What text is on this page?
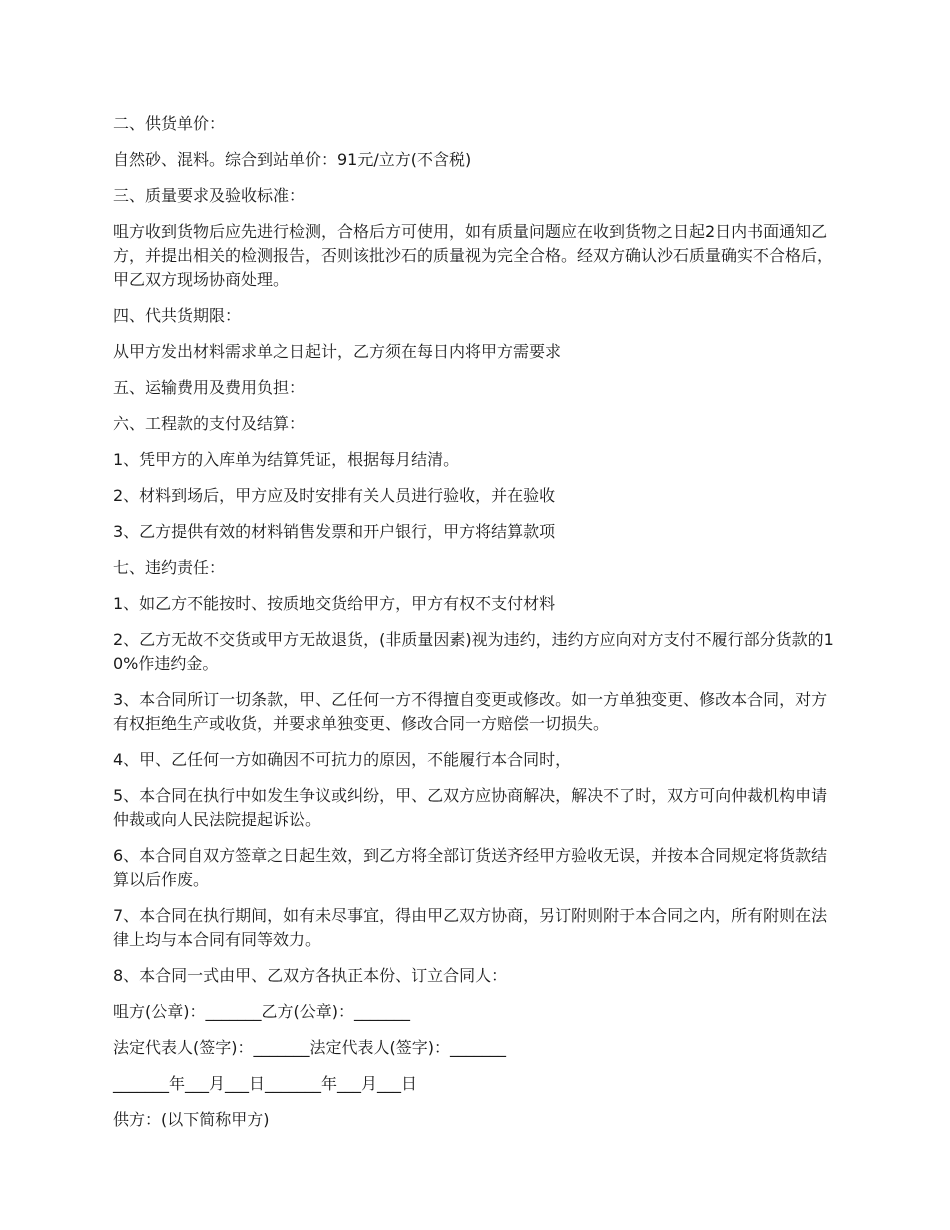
二、供货单价：

自然砂、混料。综合到站单价：91元/立方(不含税)

三、质量要求及验收标准：

咀方收到货物后应先进行检测，合格后方可使用，如有质量问题应在收到货物之日起2日内书面通知乙方，并提出相关的检测报告，否则该批沙石的质量视为完全合格。经双方确认沙石质量确实不合格后，甲乙双方现场协商处理。

四、代共货期限：

从甲方发出材料需求单之日起计，乙方须在每日内将甲方需要求

五、运输费用及费用负担：

六、工程款的支付及结算：

1、凭甲方的入库单为结算凭证，根据每月结清。

2、材料到场后，甲方应及时安排有关人员进行验收，并在验收

3、乙方提供有效的材料销售发票和开户银行，甲方将结算款项

七、违约责任：

1、如乙方不能按时、按质地交货给甲方，甲方有权不支付材料

2、乙方无故不交货或甲方无故退货，(非质量因素)视为违约，违约方应向对方支付不履行部分货款的10%作违约金。

3、本合同所订一切条款，甲、乙任何一方不得擅自变更或修改。如一方单独变更、修改本合同，对方有权拒绝生产或收货，并要求单独变更、修改合同一方赔偿一切损失。

4、甲、乙任何一方如确因不可抗力的原因，不能履行本合同时，

5、本合同在执行中如发生争议或纠纷，甲、乙双方应协商解决，解决不了时，双方可向仲裁机构申请仲裁或向人民法院提起诉讼。

6、本合同自双方签章之日起生效，到乙方将全部订货送齐经甲方验收无误，并按本合同规定将货款结算以后作废。

7、本合同在执行期间，如有未尽事宜，得由甲乙双方协商，另订附则附于本合同之内，所有附则在法律上均与本合同有同等效力。

8、本合同一式由甲、乙双方各执正本份、订立合同人：

咀方(公章)：_______乙方(公章)：_______

法定代表人(签字)：_______法定代表人(签字)：_______

_______年___月___日_______年___月___日

供方：(以下简称甲方)
